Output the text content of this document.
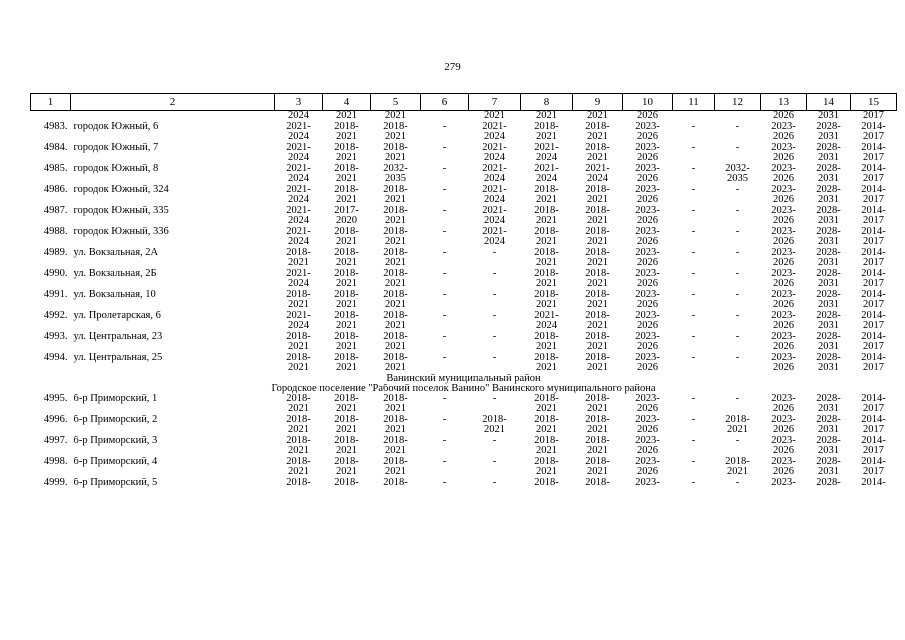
279
1	2	3	4	5	6	7	8	9	10	11	12	13	14	15
		2024	2021	2021		2021	2021	2021	2026			2026	2031	2017
4983.	городок Южный, 6	2021-	2018-	2018-	-	2021-	2018-	2018-	2023-	-	-	2023-	2028-	2014-
		2024	2021	2021		2024	2021	2021	2026			2026	2031	2017
4984.	городок Южный, 7	2021-	2018-	2018-	-	2021-	2021-	2018-	2023-	-	-	2023-	2028-	2014-
		2024	2021	2021		2024	2024	2021	2026			2026	2031	2017
4985.	городок Южный, 8	2021-	2018-	2032-	-	2021-	2021-	2021-	2023-	-	2032-	2023-	2028-	2014-
		2024	2021	2035		2024	2024	2024	2026		2035	2026	2031	2017
4986.	городок Южный, 324	2021-	2018-	2018-	-	2021-	2018-	2018-	2023-	-	-	2023-	2028-	2014-
		2024	2021	2021		2024	2021	2021	2026			2026	2031	2017
4987.	городок Южный, 335	2021-	2017-	2018-	-	2021-	2018-	2018-	2023-	-	-	2023-	2028-	2014-
		2024	2020	2021		2024	2021	2021	2026			2026	2031	2017
4988.	городок Южный, 336	2021-	2018-	2018-	-	2021-	2018-	2018-	2023-	-	-	2023-	2028-	2014-
		2024	2021	2021		2024	2021	2021	2026			2026	2031	2017
4989.	ул. Вокзальная, 2А	2018-	2018-	2018-	-	-	2018-	2018-	2023-	-	-	2023-	2028-	2014-
		2021	2021	2021			2021	2021	2026			2026	2031	2017
4990.	ул. Вокзальная, 2Б	2021-	2018-	2018-	-	-	2018-	2018-	2023-	-	-	2023-	2028-	2014-
		2024	2021	2021			2021	2021	2026			2026	2031	2017
4991.	ул. Вокзальная, 10	2018-	2018-	2018-	-	-	2018-	2018-	2023-	-	-	2023-	2028-	2014-
		2021	2021	2021			2021	2021	2026			2026	2031	2017
4992.	ул. Пролетарская, 6	2021-	2018-	2018-	-	-	2021-	2018-	2023-	-	-	2023-	2028-	2014-
		2024	2021	2021			2024	2021	2026			2026	2031	2017
4993.	ул. Центральная, 23	2018-	2018-	2018-	-	-	2018-	2018-	2023-	-	-	2023-	2028-	2014-
		2021	2021	2021			2021	2021	2026			2026	2031	2017
4994.	ул. Центральная, 25	2018-	2018-	2018-	-	-	2018-	2018-	2023-	-	-	2023-	2028-	2014-
		2021	2021	2021			2021	2021	2026			2026	2031	2017
Ванинский муниципальный район														
Городское поселение "Рабочий поселок Ванино" Ванинского муниципального района														
4995.	б-р Приморский, 1	2018-	2018-	2018-	-	-	2018-	2018-	2023-	-	-	2023-	2028-	2014-
		2021	2021	2021			2021	2021	2026			2026	2031	2017
4996.	б-р Приморский, 2	2018-	2018-	2018-	-	2018-	2018-	2018-	2023-	-	2018-	2023-	2028-	2014-
		2021	2021	2021		2021	2021	2021	2026		2021	2026	2031	2017
4997.	б-р Приморский, 3	2018-	2018-	2018-	-	-	2018-	2018-	2023-	-	-	2023-	2028-	2014-
		2021	2021	2021			2021	2021	2026			2026	2031	2017
4998.	б-р Приморский, 4	2018-	2018-	2018-	-	-	2018-	2018-	2023-	-	2018-	2023-	2028-	2014-
		2021	2021	2021			2021	2021	2026		2021	2026	2031	2017
4999.	б-р Приморский, 5	2018-	2018-	2018-	-	-	2018-	2018-	2023-	-	-	2023-	2028-	2014-
